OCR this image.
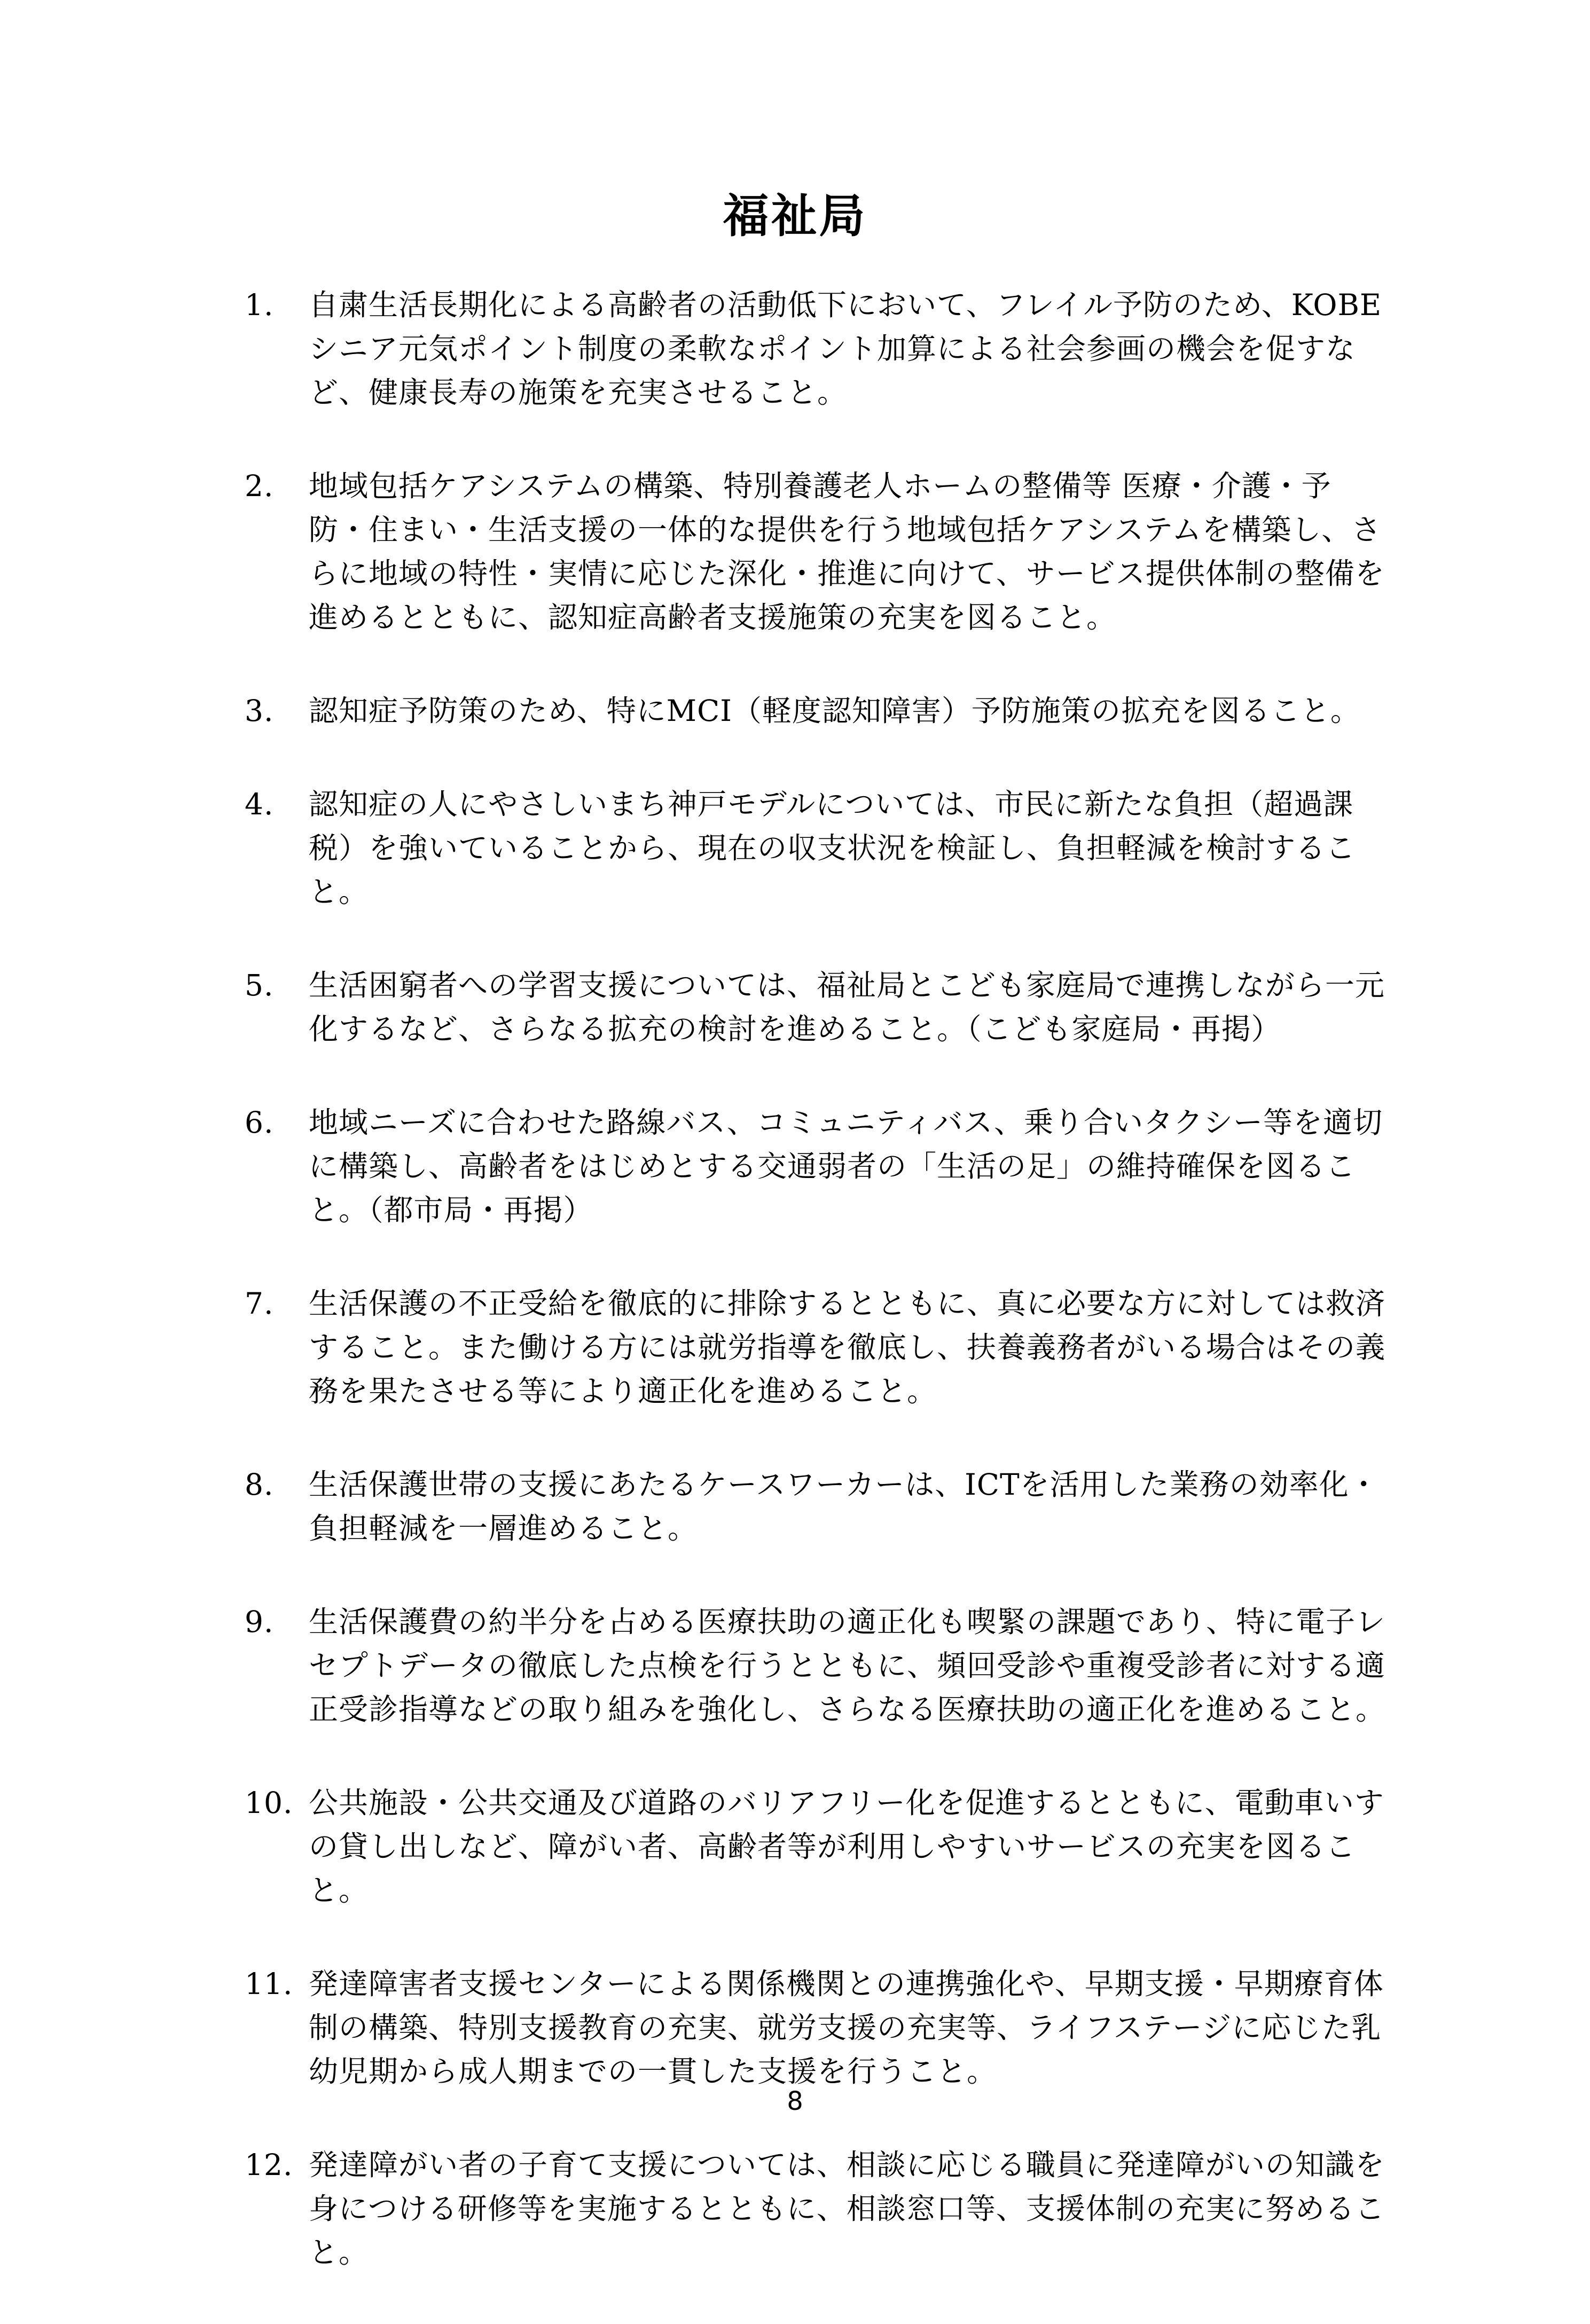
福祉局
1.	自粛生活長期化による高齢者の活動低下において、フレイル予防のため、KOBEシニア元気ポイント制度の柔軟なポイント加算による社会参画の機会を促すなど、健康長寿の施策を充実させること。
2.	地域包括ケアシステムの構築、特別養護老人ホームの整備等 医療・介護・予防・住まい・生活支援の一体的な提供を行う地域包括ケアシステムを構築し、さらに地域の特性・実情に応じた深化・推進に向けて、サービス提供体制の整備を進めるとともに、認知症高齢者支援施策の充実を図ること。
3.	認知症予防策のため、特にMCI（軽度認知障害）予防施策の拡充を図ること。
4.	認知症の人にやさしいまち神戸モデルについては、市民に新たな負担（超過課税）を強いていることから、現在の収支状況を検証し、負担軽減を検討すること。
5.	生活困窮者への学習支援については、福祉局とこども家庭局で連携しながら一元化するなど、さらなる拡充の検討を進めること。（こども家庭局・再掲）
6.	地域ニーズに合わせた路線バス、コミュニティバス、乗り合いタクシー等を適切に構築し、高齢者をはじめとする交通弱者の「生活の足」の維持確保を図ること。（都市局・再掲）
7.	生活保護の不正受給を徹底的に排除するとともに、真に必要な方に対しては救済すること。また働ける方には就労指導を徹底し、扶養義務者がいる場合はその義務を果たさせる等により適正化を進めること。
8.	生活保護世帯の支援にあたるケースワーカーは、ICTを活用した業務の効率化・負担軽減を一層進めること。
9.	生活保護費の約半分を占める医療扶助の適正化も喫緊の課題であり、特に電子レセプトデータの徹底した点検を行うとともに、頻回受診や重複受診者に対する適正受診指導などの取り組みを強化し、さらなる医療扶助の適正化を進めること。
10. 公共施設・公共交通及び道路のバリアフリー化を促進するとともに、電動車いすの貸し出しなど、障がい者、高齢者等が利用しやすいサービスの充実を図ること。
11. 発達障害者支援センターによる関係機関との連携強化や、早期支援・早期療育体制の構築、特別支援教育の充実、就労支援の充実等、ライフステージに応じた乳幼児期から成人期までの一貫した支援を行うこと。
12. 発達障がい者の子育て支援については、相談に応じる職員に発達障がいの知識を身につける研修等を実施するとともに、相談窓口等、支援体制の充実に努めること。
8
